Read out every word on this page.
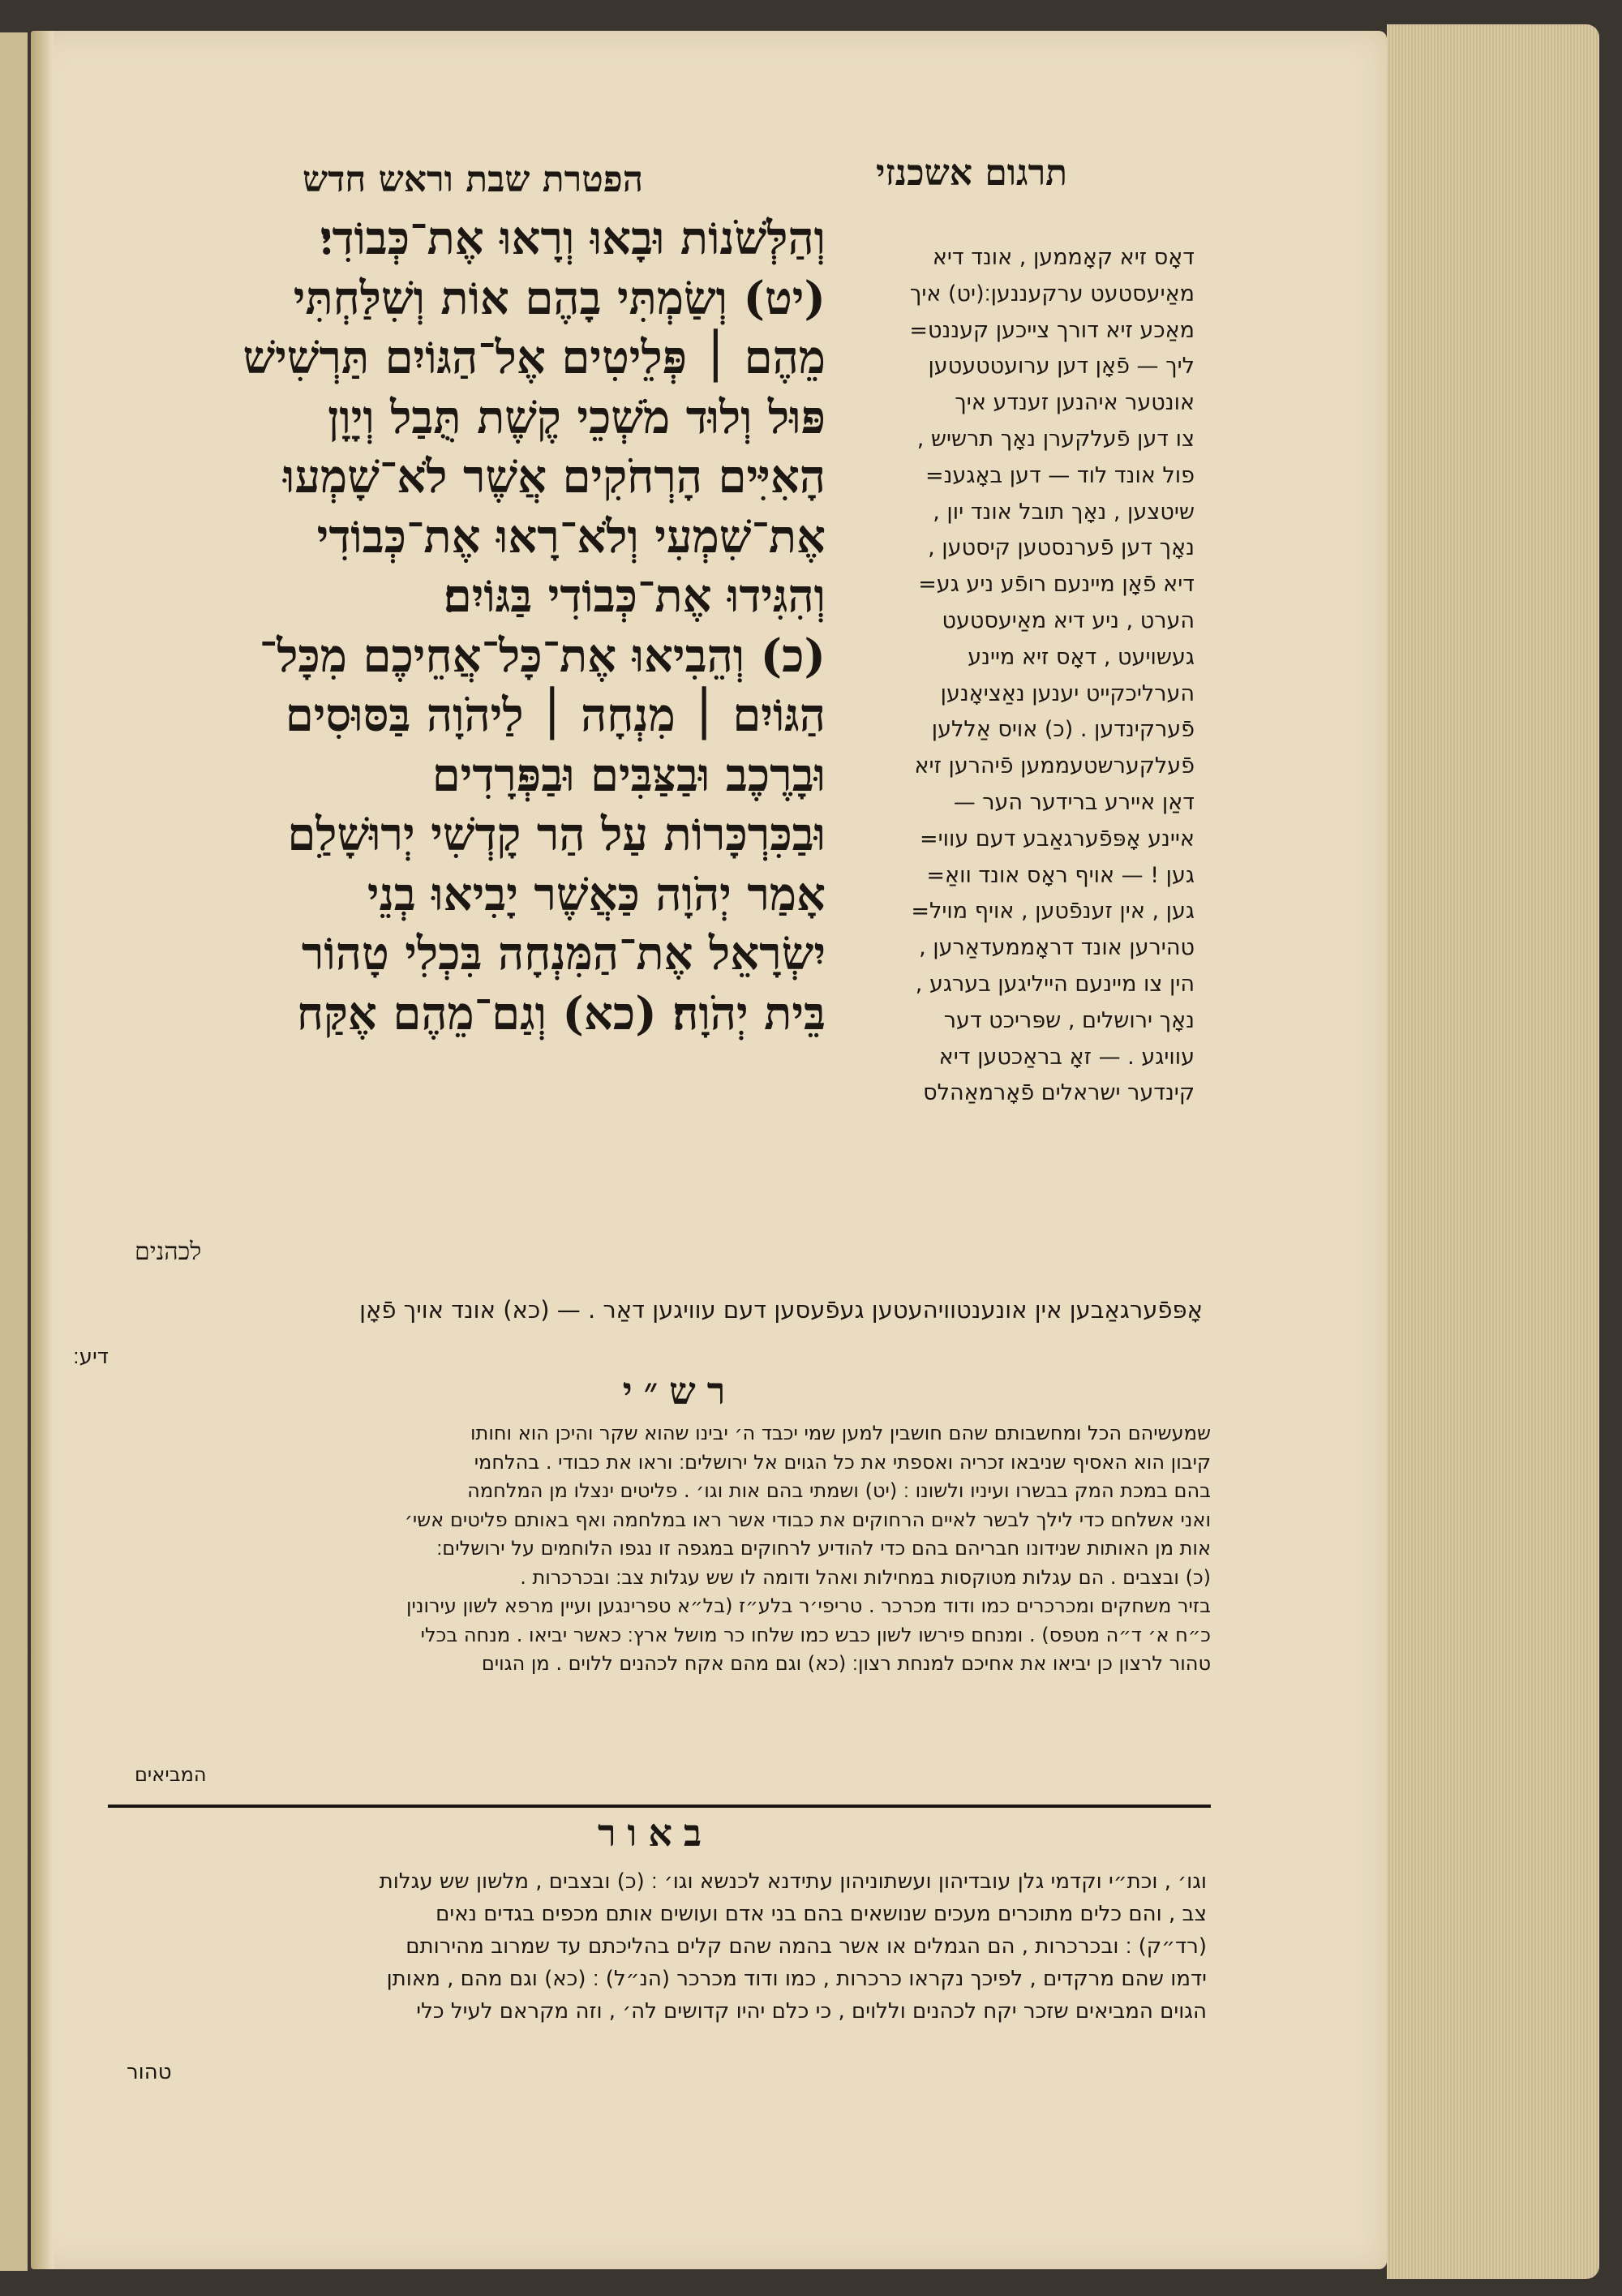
תרגום אשכנזי
הפטרת שבת וראש חדש
וְהַלְּשֹׁנוֹת וּבָאוּ וְרָאוּ אֶת־כְּבוֹדִי׃
(יט) וְשַׂמְתִּי בָהֶם אוֹת וְשִׁלַּחְתִּי
מֵהֶם ׀ פְּלֵיטִים אֶל־הַגּוֹיִם תַּרְשִׁישׁ
פּוּל וְלוּד מֹשְׁכֵי קֶשֶׁת תֻּבַל וְיָוָן
הָאִיִּים הָרְחֹקִים אֲשֶׁר לֹא־שָׁמְעוּ
אֶת־שִׁמְעִי וְלֹא־רָאוּ אֶת־כְּבוֹדִי
וְהִגִּידוּ אֶת־כְּבוֹדִי בַּגּוֹיִם׃
(כ) וְהֵבִיאוּ אֶת־כָּל־אֲחֵיכֶם מִכָּל־
הַגּוֹיִם ׀ מִנְחָה ׀ לַיהֹוָה בַּסּוּסִים
וּבָרֶכֶב וּבַצַּבִּים וּבַפְּרָדִים
וּבַכִּרְכָּרוֹת עַל הַר קָדְשִׁי יְרוּשָׁלִַם
אָמַר יְהֹוָה כַּאֲשֶׁר יָבִיאוּ בְנֵי
יִשְׂרָאֵל אֶת־הַמִּנְחָה בִּכְלִי טָהוֹר
בֵּית יְהֹוָה׃ (כא) וְגַם־מֵהֶם אֶקַּח
דאָס זיא קאָממען , אונד דיא
מאַיעסטעט ערקעננען׃(יט) איך
מאַכע זיא דורך צייכען קעננט=
ליך — פֿאָן דען ערועטטעטען
אונטער איהנען זענדע איך
צו דען פֿעלקערן נאָך תרשיש ,
פול אונד לוד — דען באָגענ=
שיטצען , נאָך תובל אונד יון ,
נאָך דען פֿערנסטען קיסטען ,
דיא פֿאָן מיינעם רופֿע ניע גע=
הערט , ניע דיא מאַיעסטעט
געשויעט , דאָס זיא מיינע
הערליכקייט יענען נאַציאָנען
פֿערקינדען . (כ) אויס אַללען
פֿעלקערשטעממען פֿיהרען זיא
דאַן איירע ברידער הער —
איינע אָפּפֿערגאַבע דעם עווי=
גען ! — אויף ראָס אונד וואַ=
גען , אין זענפֿטען , אויף מויל=
טהירען אונד דראָממעדאַרען ,
הין צו מיינעם הייליגען בערגע ,
נאָך ירושלים , שפּריכט דער
עוויגע . — זאָ בראַכטען דיא
קינדער ישראלים פֿאָרמאַהלס
לכהנים
אָפּפֿערגאַבען אין אונענטוויהעטען געפֿעסען דעם עוויגען דאַר . — (כא) אונד אויך פֿאָן
דיע׃
רש״י
שמעשיהם הכל ומחשבותם שהם חושבין למען שמי יכבד ה׳ יבינו שהוא שקר והיכן הוא וחותו
קיבון הוא האסיף שניבאו זכריה ואספתי את כל הגוים אל ירושלים׃ וראו את כבודי . בהלחמי
בהם במכת המק בבשרו ועיניו ולשונו ׃ (יט) ושמתי בהם אות וגו׳ . פליטים ינצלו מן המלחמה
ואני אשלחם כדי לילך לבשר לאיים הרחוקים את כבודי אשר ראו במלחמה ואף באותם פליטים אשי׳
אות מן האותות שנידונו חבריהם בהם כדי להודיע לרחוקים במגפה זו נגפו הלוחמים על ירושלים׃
(כ) ובצבים . הם עגלות מטוקסות במחילות ואהל ודומה לו שש עגלות צב׃ ובכרכרות .
בזיר משחקים ומכרכרים כמו ודוד מכרכר . טריפי׳ר בלע״ז (בל״א טפרינגען ועיין מרפא לשון עירונין
כ״ח א׳ ד״ה מטפס) . ומנחם פירשו לשון כבש כמו שלחו כר מושל ארץ׃ כאשר יביאו . מנחה בכלי
טהור לרצון כן יביאו את אחיכם למנחת רצון׃ (כא) וגם מהם אקח לכהנים ללוים . מן הגוים
המביאים
באור
וגו׳ , וכת״י וקדמי גלן עובדיהון ועשתוניהון עתידנא לכנשא וגו׳ ׃ (כ) ובצבים , מלשון שש עגלות
צב , והם כלים מתוכרים מעכים שנושאים בהם בני אדם ועושים אותם מכפים בגדים נאים
(רד״ק) ׃ ובכרכרות , הם הגמלים או אשר בהמה שהם קלים בהליכתם עד שמרוב מהירותם
ידמו שהם מרקדים , לפיכך נקראו כרכרות , כמו ודוד מכרכר (הנ״ל) ׃ (כא) וגם מהם , מאותן
הגוים המביאים שזכר יקח לכהנים וללוים , כי כלם יהיו קדושים לה׳ , וזה מקראם לעיל כלי
טהור
